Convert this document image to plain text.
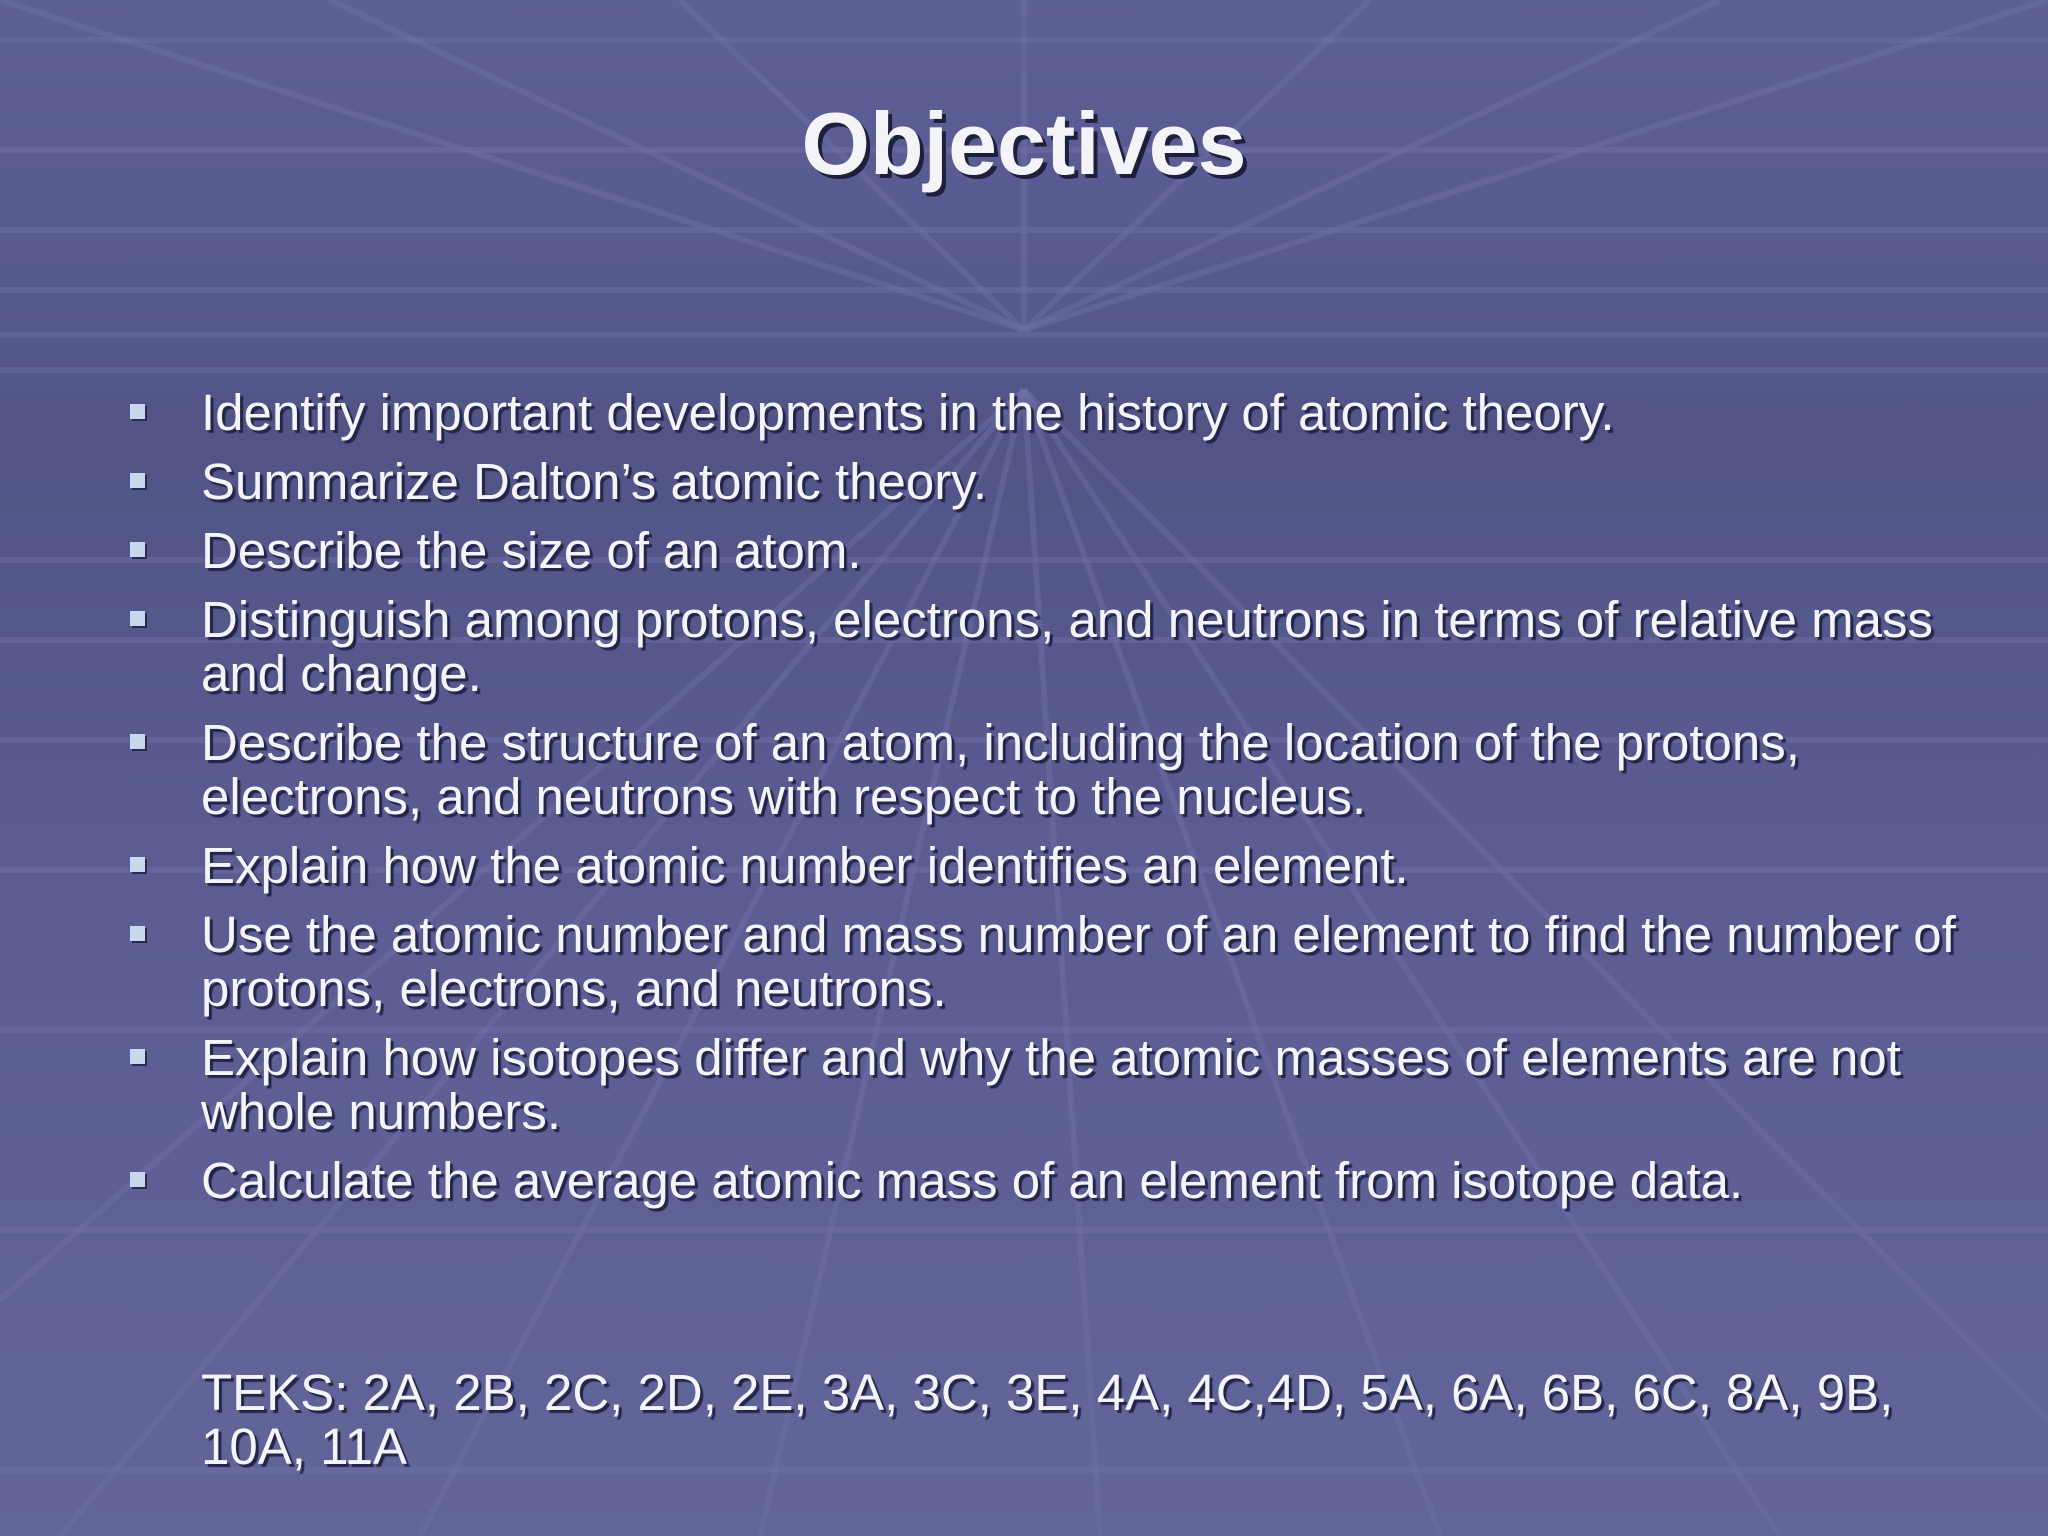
Objectives
Identify important developments in the history of atomic theory.
Summarize Dalton’s atomic theory.
Describe the size of an atom.
Distinguish among protons, electrons, and neutrons in terms of relative mass and change.
Describe the structure of an atom, including the location of the protons, electrons, and neutrons with respect to the nucleus.
Explain how the atomic number identifies an element.
Use the atomic number and mass number of an element to find the number of protons, electrons, and neutrons.
Explain how isotopes differ and why the atomic masses of elements are not whole numbers.
Calculate the average atomic mass of an element from isotope data.
TEKS: 2A, 2B, 2C, 2D, 2E, 3A, 3C, 3E, 4A, 4C,4D, 5A, 6A, 6B, 6C, 8A, 9B, 10A, 11A
